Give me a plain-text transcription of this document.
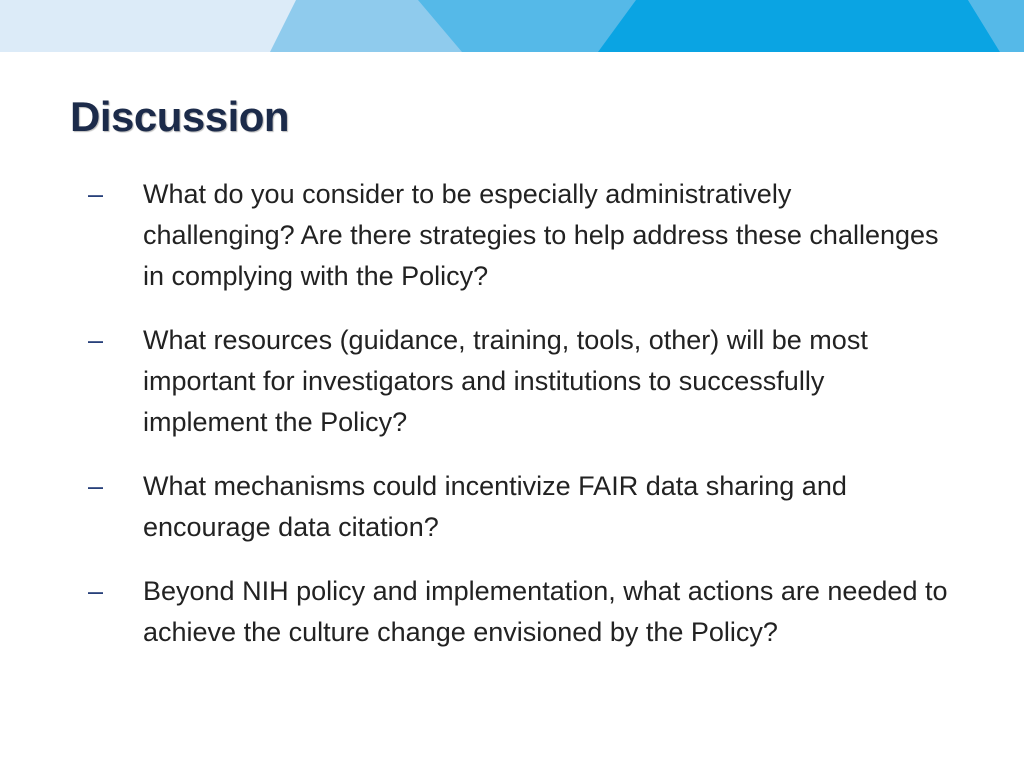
Discussion
–	What do you consider to be especially administratively challenging? Are there strategies to help address these challenges in complying with the Policy?
–	What resources (guidance, training, tools, other) will be most important for investigators and institutions to successfully implement the Policy?
–	What mechanisms could incentivize FAIR data sharing and encourage data citation?
–	Beyond NIH policy and implementation, what actions are needed to achieve the culture change envisioned by the Policy?
